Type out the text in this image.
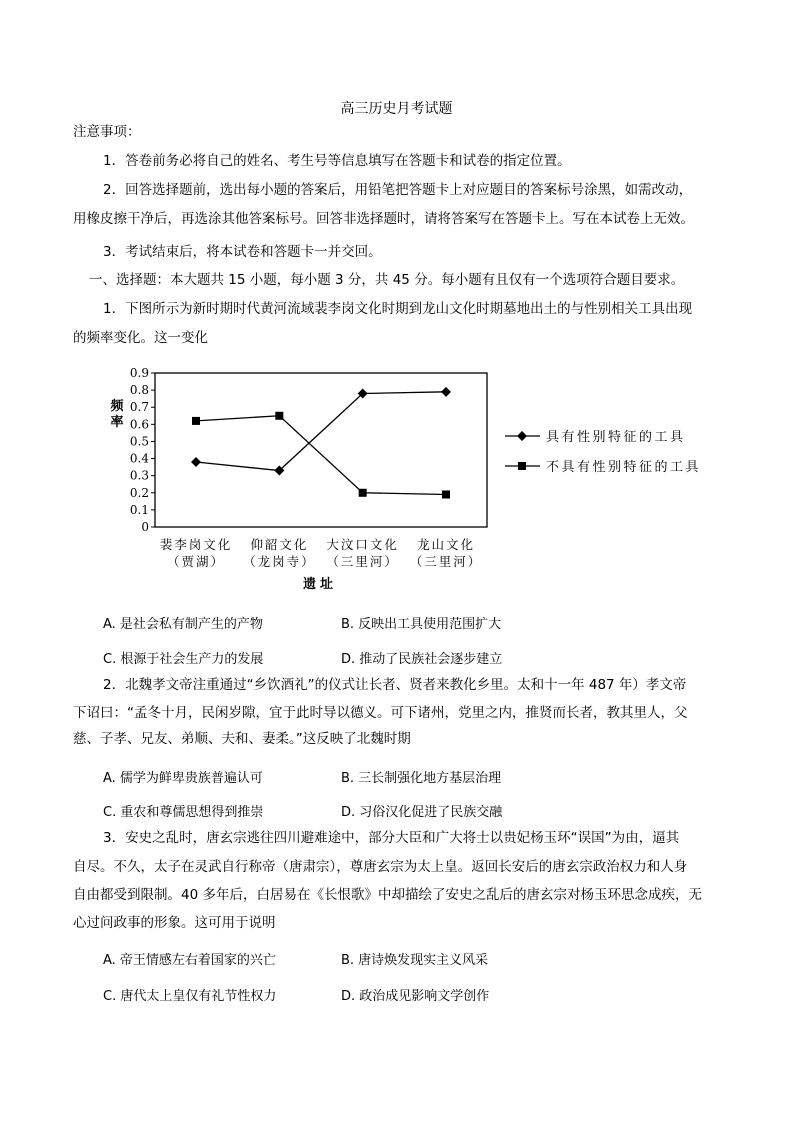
高三历史月考试题
注意事项：
1．答卷前务必将自己的姓名、考生号等信息填写在答题卡和试卷的指定位置。
2．回答选择题前，选出每小题的答案后，用铅笔把答题卡上对应题目的答案标号涂黑，如需改动，
用橡皮擦干净后，再选涂其他答案标号。回答非选择题时，请将答案写在答题卡上。写在本试卷上无效。
3．考试结束后，将本试卷和答题卡一并交回。
一、选择题：本大题共 15 小题，每小题 3 分，共 45 分。每小题有且仅有一个选项符合题目要求。
1．下图所示为新时期时代黄河流域裴李岗文化时期到龙山文化时期墓地出土的与性别相关工具出现
的频率变化。这一变化
0
0.1
0.2
0.3
0.4
0.5
0.6
0.7
0.8
0.9
频
率
裴李岗文化
（贾湖）
仰韶文化
（龙岗寺）
大汶口文化
（三里河）
龙山文化
（三里河）
遗址
具有性别特征的工具
不具有性别特征的工具
A. 是社会私有制产生的产物	B. 反映出工具使用范围扩大
C. 根源于社会生产力的发展	D. 推动了民族社会逐步建立
2．北魏孝文帝注重通过“乡饮酒礼”的仪式让长者、贤者来教化乡里。太和十一年 487 年）孝文帝
下诏曰：“孟冬十月，民闲岁隙，宜于此时导以德义。可下诸州，党里之内，推贤而长者，教其里人，父
慈、子孝、兄友、弟顺、夫和、妻柔。”这反映了北魏时期
A. 儒学为鲜卑贵族普遍认可	B. 三长制强化地方基层治理
C. 重农和尊儒思想得到推崇	D. 习俗汉化促进了民族交融
3．安史之乱时，唐玄宗逃往四川避难途中，部分大臣和广大将士以贵妃杨玉环“误国”为由，逼其
自尽。不久，太子在灵武自行称帝（唐肃宗），尊唐玄宗为太上皇。返回长安后的唐玄宗政治权力和人身
自由都受到限制。40 多年后，白居易在《长恨歌》中却描绘了安史之乱后的唐玄宗对杨玉环思念成疾，无
心过问政事的形象。这可用于说明
A. 帝王情感左右着国家的兴亡	B. 唐诗焕发现实主义风采
C. 唐代太上皇仅有礼节性权力	D. 政治成见影响文学创作
